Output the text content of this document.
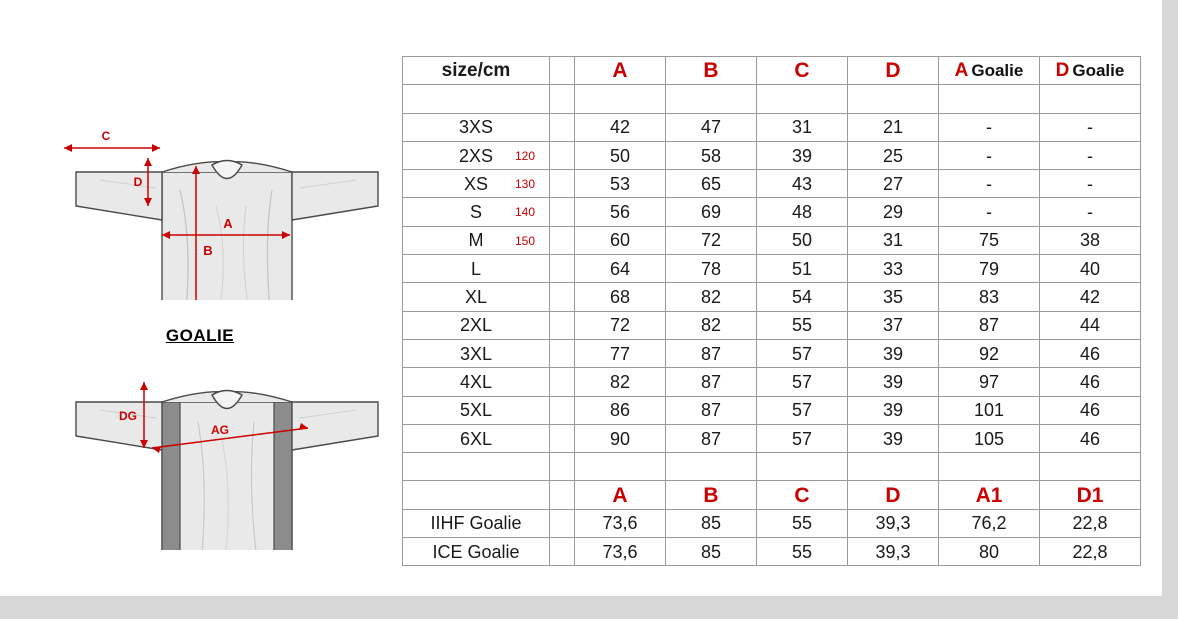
C
D
A
B
GOALIE
DG
AG
size/cm		A	B	C	D	A Goalie	D Goalie

3XS		42	47	31	21	-	-
2XS 120		50	58	39	25	-	-
XS 130		53	65	43	27	-	-
S 140		56	69	48	29	-	-
M 150		60	72	50	31	75	38
L		64	78	51	33	79	40
XL		68	82	54	35	83	42
2XL		72	82	55	37	87	44
3XL		77	87	57	39	92	46
4XL		82	87	57	39	97	46
5XL		86	87	57	39	101	46
6XL		90	87	57	39	105	46

		A	B	C	D	A1	D1
IIHF Goalie		73,6	85	55	39,3	76,2	22,8
ICE Goalie		73,6	85	55	39,3	80	22,8
